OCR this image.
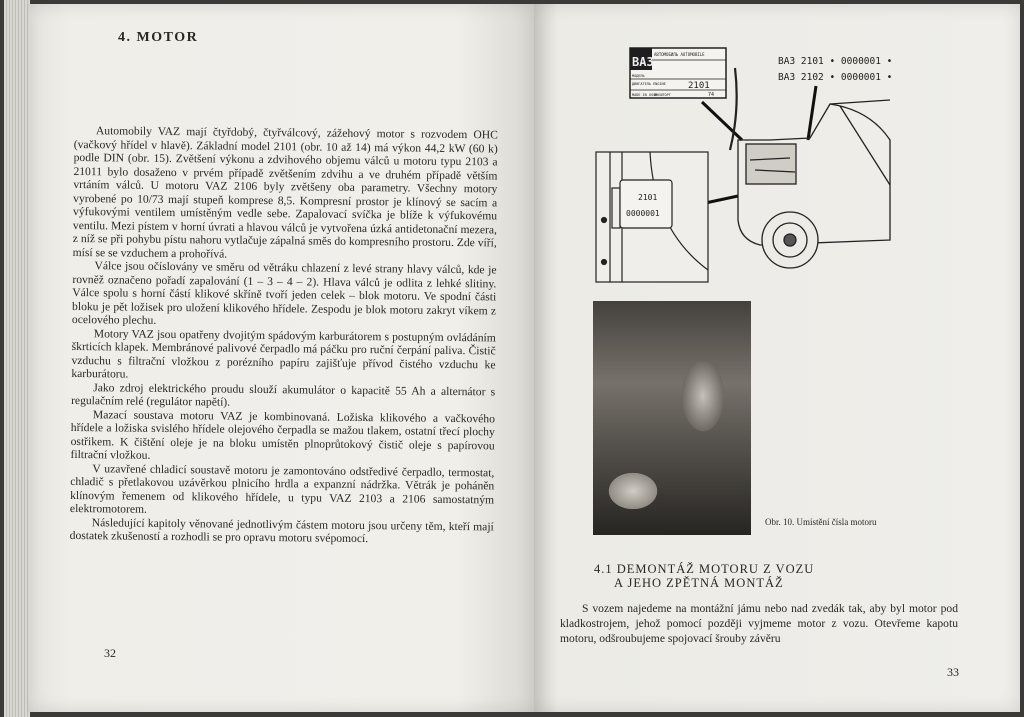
4. MOTOR

Automobily VAZ mají čtyřdobý, čtyřválcový, zážehový motor s rozvodem OHC (vačkový hřídel v hlavě). Základní model 2101 (obr. 10 až 14) má výkon 44,2 kW (60 k) podle DIN (obr. 15). Zvětšení výkonu a zdvihového objemu válců u motoru typu 2103 a 21011 bylo dosaženo v prvém případě zvětšením zdvihu a ve druhém případě větším vrtáním válců. U motoru VAZ 2106 byly zvětšeny oba parametry. Všechny motory vyrobené po 10/73 mají stupeň komprese 8,5. Kompresní prostor je klínový se sacím a výfukovými ventilem umístěným vedle sebe. Zapalovací svíčka je blíže k výfukovému ventilu. Mezi pístem v horní úvrati a hlavou válců je vytvořena úzká antidetonační mezera, z níž se při pohybu pístu nahoru vytlačuje zápalná směs do kompresního prostoru. Zde víří, mísí se se vzduchem a prohořívá.

Válce jsou očíslovány ve směru od větráku chlazení z levé strany hlavy válců, kde je rovněž označeno pořadí zapalování (1 – 3 – 4 – 2). Hlava válců je odlita z lehké slitiny. Válce spolu s horní částí klikové skříně tvoří jeden celek – blok motoru. Ve spodní části bloku je pět ložisek pro uložení klikového hřídele. Zespodu je blok motoru zakryt víkem z ocelového plechu.

Motory VAZ jsou opatřeny dvojitým spádovým karburátorem s postupným ovládáním škrticích klapek. Membránové palivové čerpadlo má páčku pro ruční čerpání paliva. Čistič vzduchu s filtrační vložkou z porézního papíru zajišťuje přívod čistého vzduchu ke karburátoru.

Jako zdroj elektrického proudu slouží akumulátor o kapacitě 55 Ah a alternátor s regulačním relé (regulátor napětí).

Mazací soustava motoru VAZ je kombinovaná. Ložiska klikového a vačkového hřídele a ložiska svislého hřídele olejového čerpadla se mažou tlakem, ostatní třecí plochy ostřikem. K čištění oleje je na bloku umístěn plnoprůtokový čistič oleje s papírovou filtrační vložkou.

V uzavřené chladicí soustavě motoru je zamontováno odstředivé čerpadlo, termostat, chladič s přetlakovou uzávěrkou plnicího hrdla a expanzní nádržka. Větrák je poháněn klínovým řemenem od klikového hřídele, u typu VAZ 2103 a 2106 samostatným elektromotorem.

Následující kapitoly věnované jednotlivým částem motoru jsou určeny těm, kteří mají dostatek zkušeností a rozhodli se pro opravu motoru svépomocí.

32
ВАЗ
АВТОМОБИЛЬ AUTOMOBILE
МОДЕЛЬ
ДВИГАТЕЛЬ ENGINE 2101
MADE IN USSR
ВНЕШТОРГ	74
ВАЗ 2101 • 0000001 •
ВАЗ 2102 • 0000001 •
2101
0000001
Obr. 10. Umístění čísla motoru
4.1 DEMONTÁŽ MOTORU Z VOZU
A JEHO ZPĚTNÁ MONTÁŽ

S vozem najedeme na montážní jámu nebo nad zvedák tak, aby byl motor pod kladkostrojem, jehož pomocí později vyjmeme motor z vozu. Otevřeme kapotu motoru, odšroubujeme spojovací šrouby závěru

33
